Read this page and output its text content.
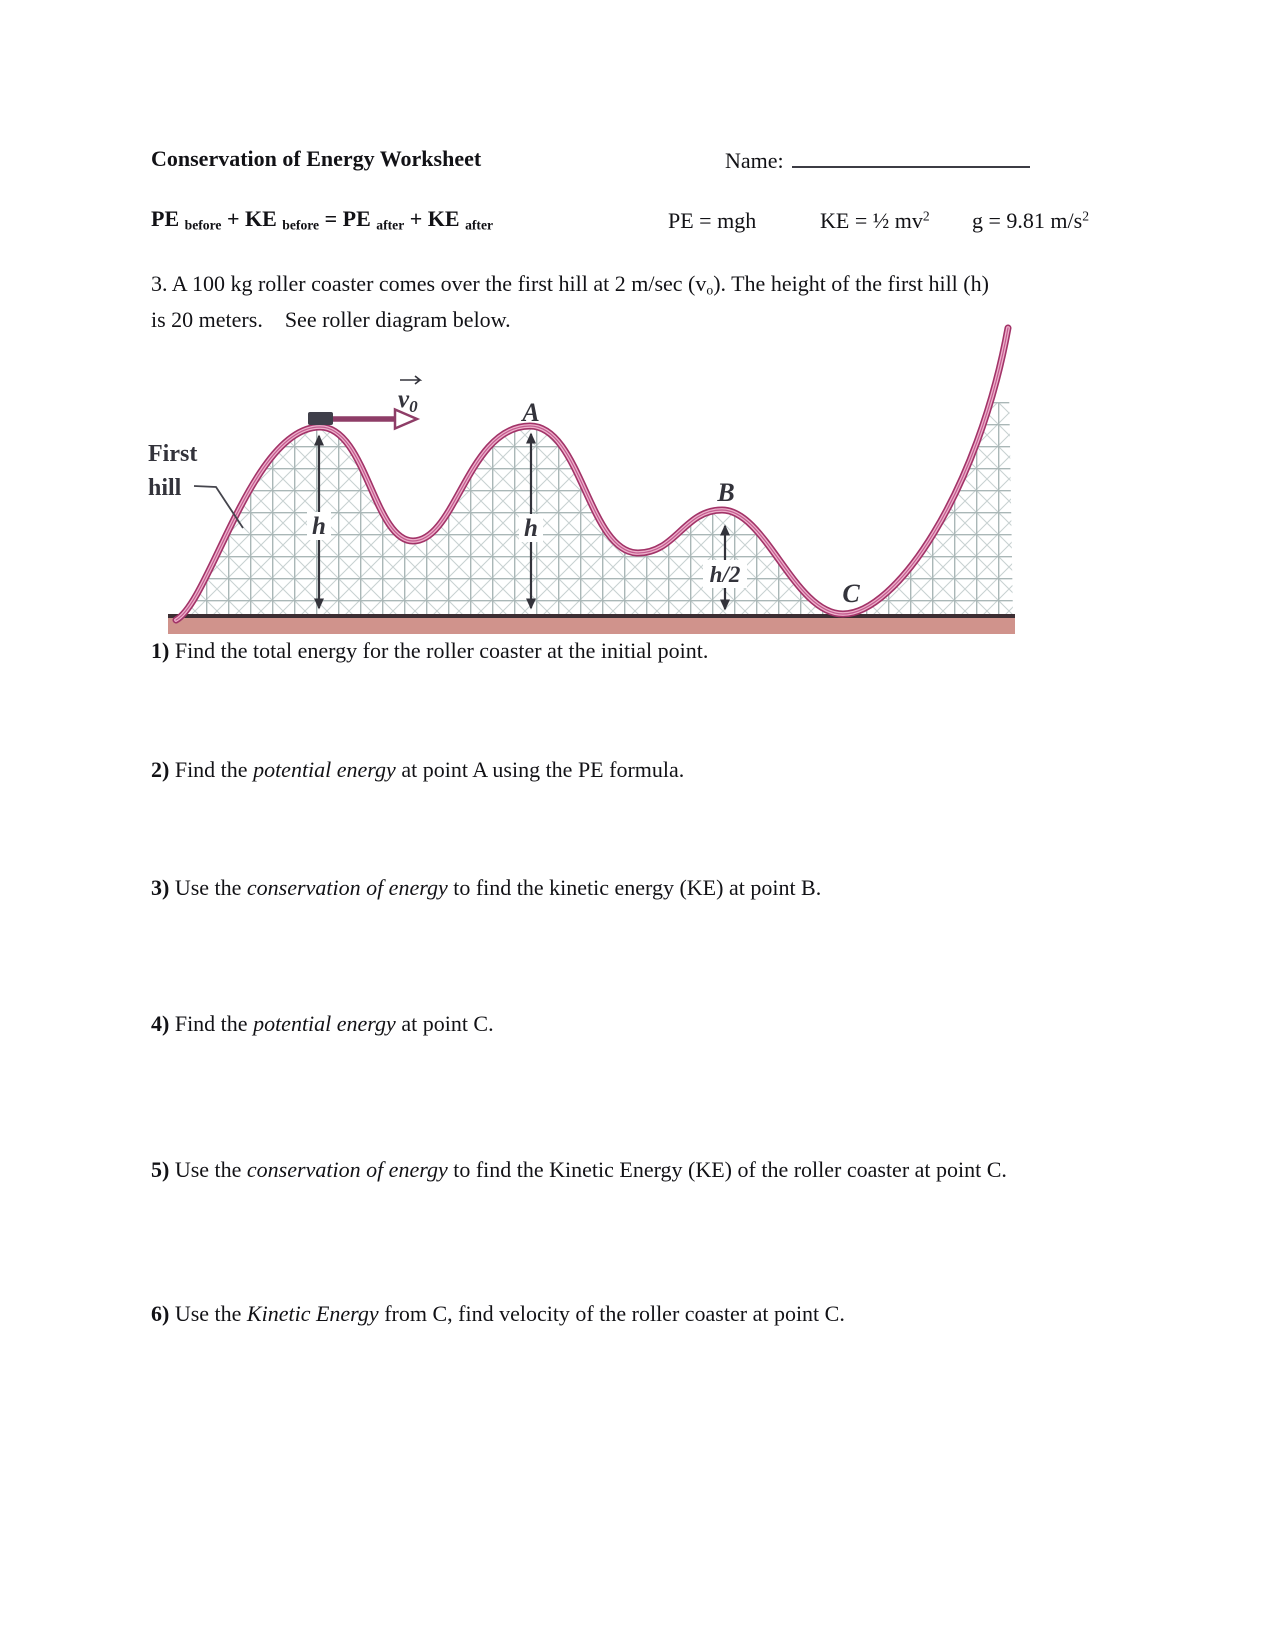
Conservation of Energy Worksheet	Name:
PE before + KE before = PE after + KE after	PE = mgh	KE = ½ $mv^2$ g = 9.81 $m/s^2$
3. A 100 kg roller coaster comes over the first hill at 2 m/sec (vo). The height of the first hill (h)
is 20 meters.    See roller diagram below.
$v_0$
First
hill
A
B
C
h	h
h/2
1) Find the total energy for the roller coaster at the initial point.
2) Find the potential energy at point A using the PE formula.
3) Use the conservation of energy to find the kinetic energy (KE) at point B.
4) Find the potential energy at point C.
5) Use the conservation of energy to find the Kinetic Energy (KE) of the roller coaster at point C.
6) Use the Kinetic Energy from C, find velocity of the roller coaster at point C.
